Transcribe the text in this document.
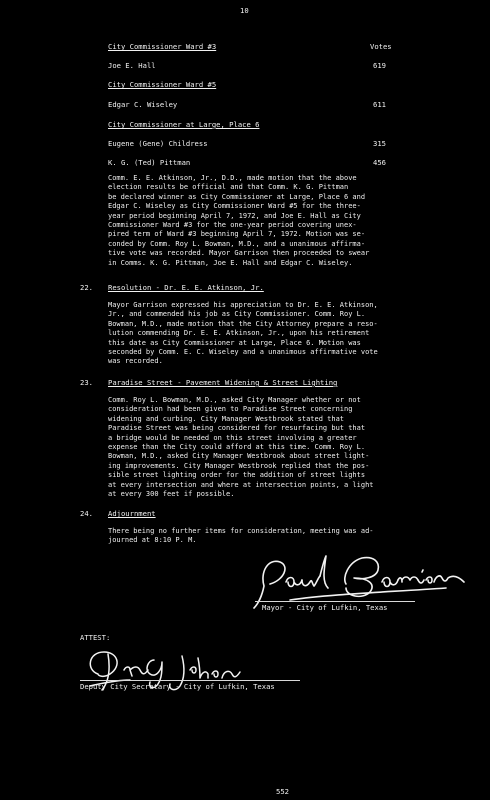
10
City Commissioner Ward #3	Votes
Joe E. Hall	619
City Commissioner Ward #5
Edgar C. Wiseley	611
City Commissioner at Large, Place 6
Eugene (Gene) Childress	315
K. G. (Ted) Pittman	456
Comm. E. E. Atkinson, Jr., D.D., made motion that the above
election results be official and that Comm. K. G. Pittman
be declared winner as City Commissioner at Large, Place 6 and
Edgar C. Wiseley as City Commissioner Ward #5 for the three-
year period beginning April 7, 1972, and Joe E. Hall as City
Commissioner Ward #3 for the one-year period covering unex-
pired term of Ward #3 beginning April 7, 1972. Motion was se-
conded by Comm. Roy L. Bowman, M.D., and a unanimous affirma-
tive vote was recorded. Mayor Garrison then proceeded to swear
in Comms. K. G. Pittman, Joe E. Hall and Edgar C. Wiseley.
22. Resolution - Dr. E. E. Atkinson, Jr.
Mayor Garrison expressed his appreciation to Dr. E. E. Atkinson,
Jr., and commended his job as City Commissioner. Comm. Roy L.
Bowman, M.D., made motion that the City Attorney prepare a reso-
lution commending Dr. E. E. Atkinson, Jr., upon his retirement
this date as City Commissioner at Large, Place 6. Motion was
seconded by Comm. E. C. Wiseley and a unanimous affirmative vote
was recorded.
23. Paradise Street - Pavement Widening & Street Lighting
Comm. Roy L. Bowman, M.D., asked City Manager whether or not
consideration had been given to Paradise Street concerning
widening and curbing. City Manager Westbrook stated that
Paradise Street was being considered for resurfacing but that
a bridge would be needed on this street involving a greater
expense than the City could afford at this time. Comm. Roy L.
Bowman, M.D., asked City Manager Westbrook about street light-
ing improvements. City Manager Westbrook replied that the pos-
sible street lighting order for the addition of street lights
at every intersection and where at intersection points, a light
at every 300 feet if possible.
24. Adjournment
There being no further items for consideration, meeting was ad-
journed at 8:10 P. M.
Mayor - City of Lufkin, Texas
ATTEST:
Deputy City Secretary - City of Lufkin, Texas
552
